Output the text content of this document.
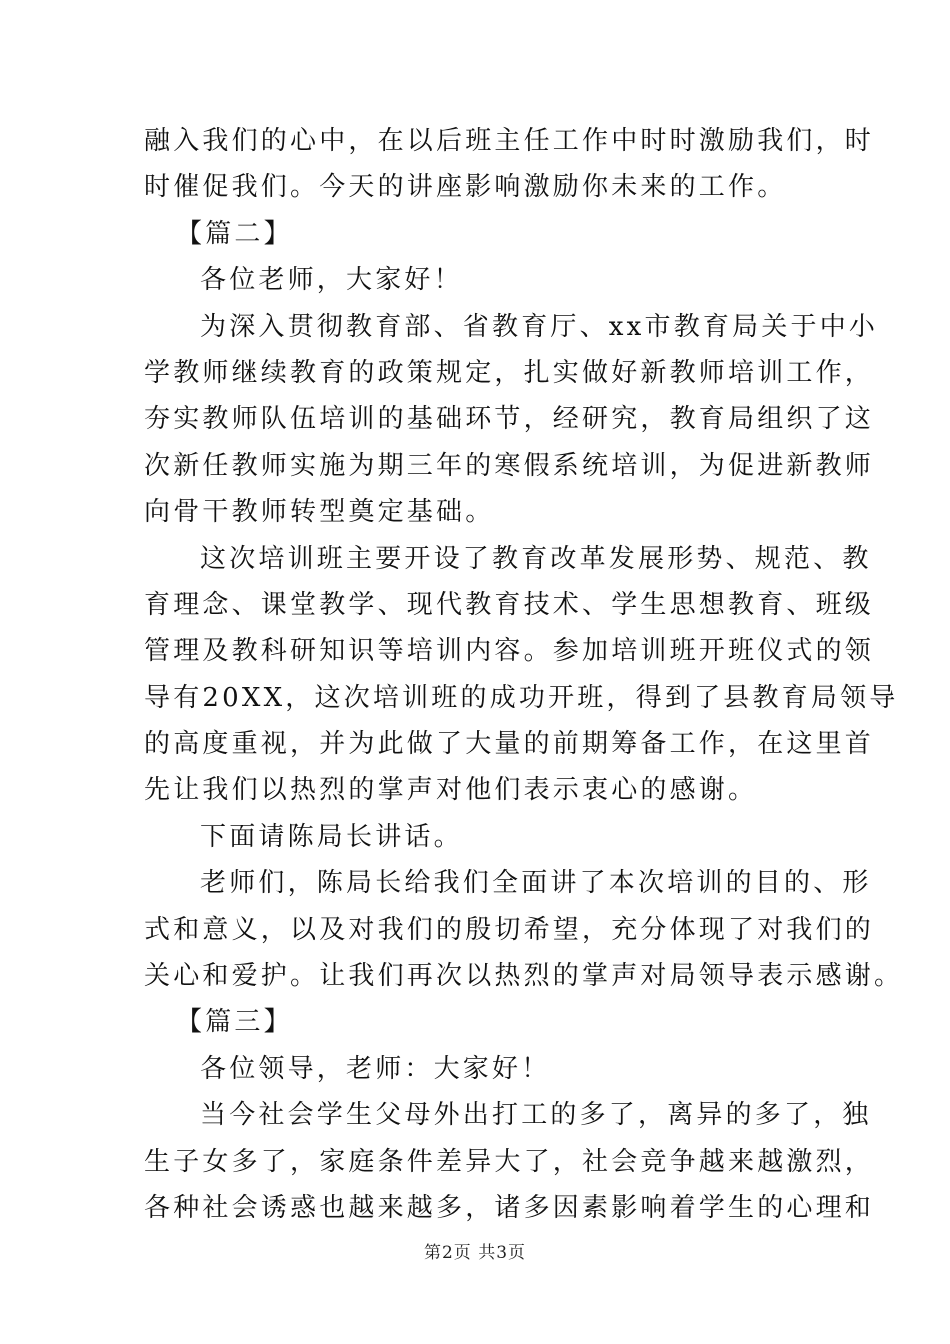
融入我们的心中，在以后班主任工作中时时激励我们，时
时催促我们。今天的讲座影响激励你未来的工作。
【篇二】
各位老师，大家好！
为深入贯彻教育部、省教育厅、xx市教育局关于中小
学教师继续教育的政策规定，扎实做好新教师培训工作，
夯实教师队伍培训的基础环节，经研究，教育局组织了这
次新任教师实施为期三年的寒假系统培训，为促进新教师
向骨干教师转型奠定基础。
这次培训班主要开设了教育改革发展形势、规范、教
育理念、课堂教学、现代教育技术、学生思想教育、班级
管理及教科研知识等培训内容。参加培训班开班仪式的领
导有20XX，这次培训班的成功开班，得到了县教育局领导
的高度重视，并为此做了大量的前期筹备工作，在这里首
先让我们以热烈的掌声对他们表示衷心的感谢。
下面请陈局长讲话。
老师们，陈局长给我们全面讲了本次培训的目的、形
式和意义，以及对我们的殷切希望，充分体现了对我们的
关心和爱护。让我们再次以热烈的掌声对局领导表示感谢。
【篇三】
各位领导，老师：大家好！
当今社会学生父母外出打工的多了，离异的多了，独
生子女多了，家庭条件差异大了，社会竞争越来越激烈，
各种社会诱惑也越来越多，诸多因素影响着学生的心理和
第2页 共3页
